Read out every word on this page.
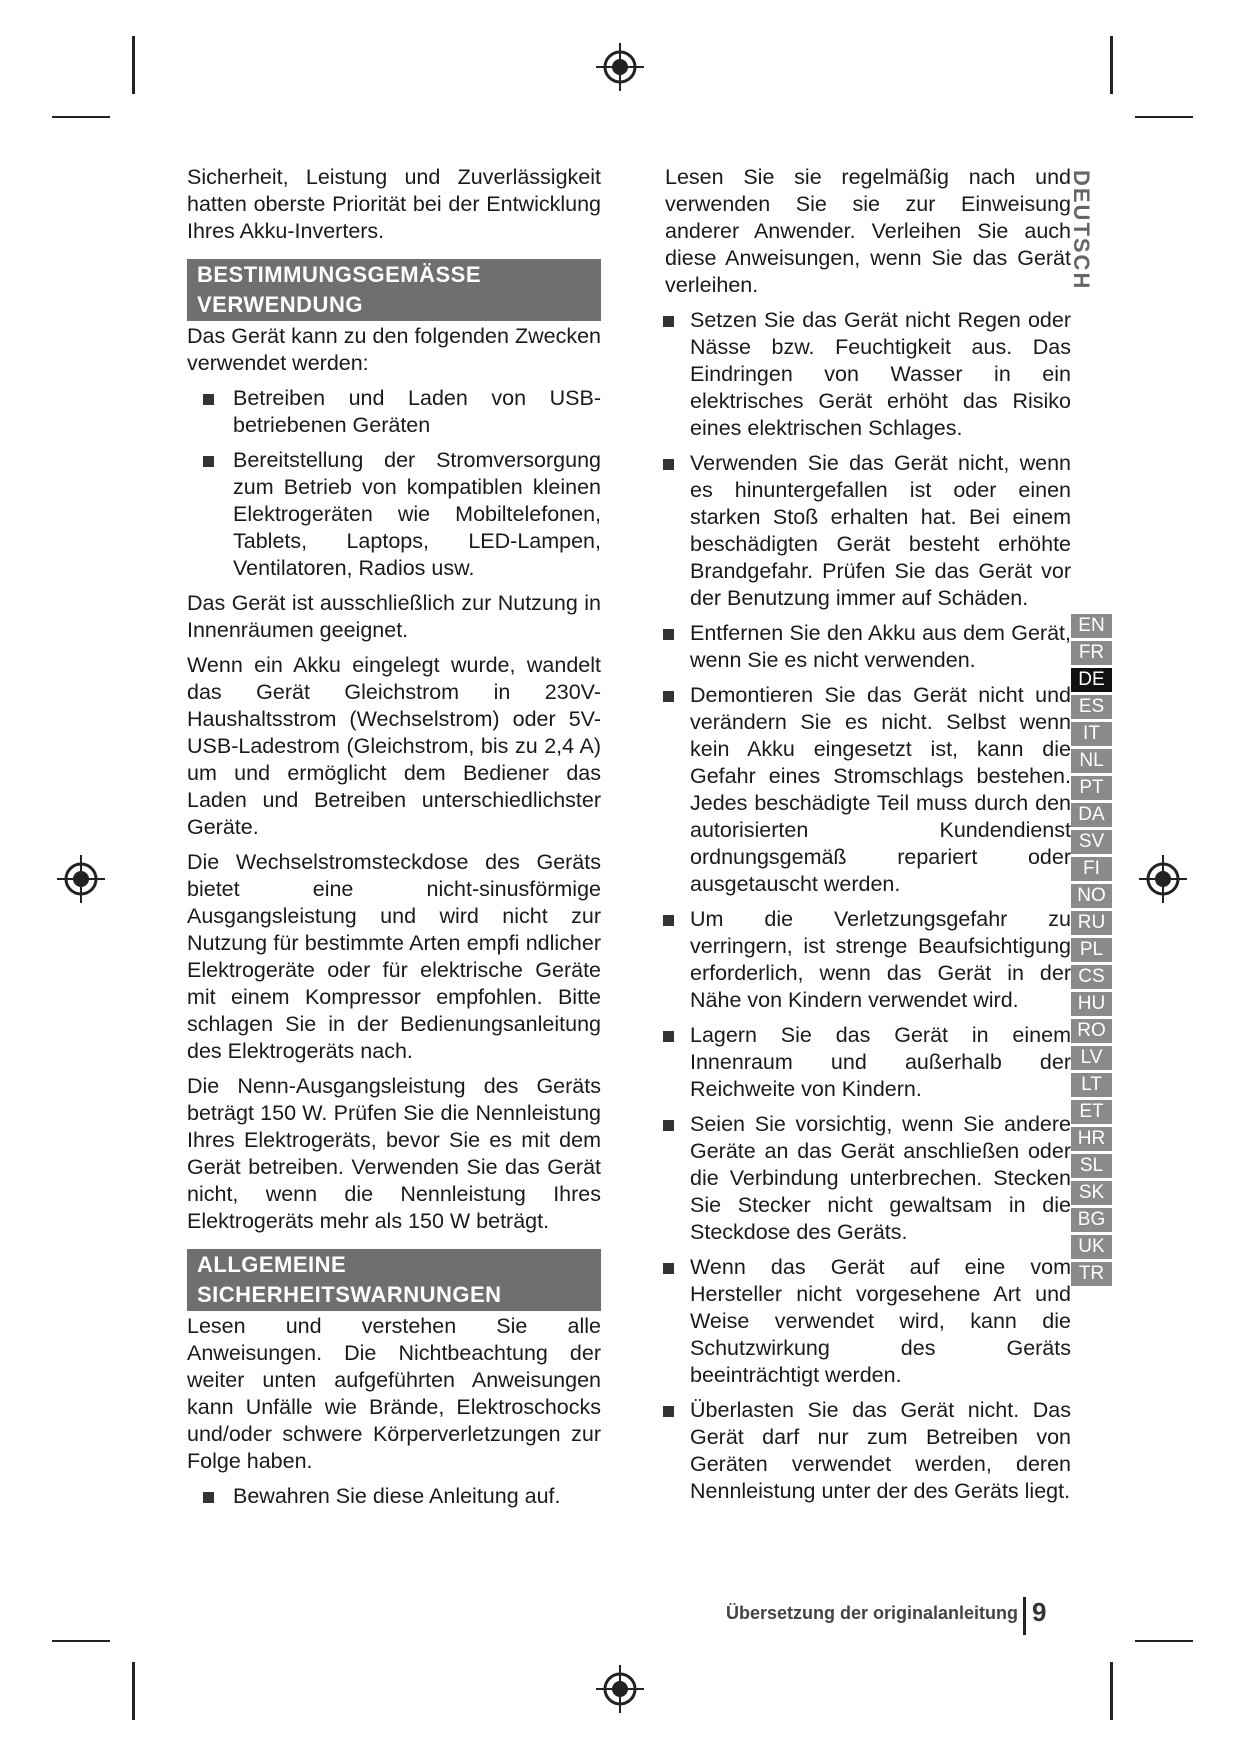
Sicherheit, Leistung und Zuverlässigkeit hatten oberste Priorität bei der Entwicklung Ihres Akku-Inverters.

BESTIMMUNGSGEMÄSSE VERWENDUNG

Das Gerät kann zu den folgenden Zwecken verwendet werden:

Betreiben und Laden von USB-betriebenen Geräten
Bereitstellung der Stromversorgung zum Betrieb von kompatiblen kleinen Elektrogeräten wie Mobiltelefonen, Tablets, Laptops, LED-Lampen, Ventilatoren, Radios usw.

Das Gerät ist ausschließlich zur Nutzung in Innenräumen geeignet.

Wenn ein Akku eingelegt wurde, wandelt das Gerät Gleichstrom in 230V-Haushaltsstrom (Wechselstrom) oder 5V-USB-Ladestrom (Gleichstrom, bis zu 2,4 A) um und ermöglicht dem Bediener das Laden und Betreiben unterschiedlichster Geräte.

Die Wechselstromsteckdose des Geräts bietet eine nicht-sinusförmige Ausgangsleistung und wird nicht zur Nutzung für bestimmte Arten empfi ndlicher Elektrogeräte oder für elektrische Geräte mit einem Kompressor empfohlen. Bitte schlagen Sie in der Bedienungsanleitung des Elektrogeräts nach.

Die Nenn-Ausgangsleistung des Geräts beträgt 150 W. Prüfen Sie die Nennleistung Ihres Elektrogeräts, bevor Sie es mit dem Gerät betreiben. Verwenden Sie das Gerät nicht, wenn die Nennleistung Ihres Elektrogeräts mehr als 150 W beträgt.

ALLGEMEINE SICHERHEITSWARNUNGEN

Lesen und verstehen Sie alle Anweisungen. Die Nichtbeachtung der weiter unten aufgeführten Anweisungen kann Unfälle wie Brände, Elektroschocks und/oder schwere Körperverletzungen zur Folge haben.

Bewahren Sie diese Anleitung auf.

Lesen Sie sie regelmäßig nach und verwenden Sie sie zur Einweisung anderer Anwender. Verleihen Sie auch diese Anweisungen, wenn Sie das Gerät verleihen.

Setzen Sie das Gerät nicht Regen oder Nässe bzw. Feuchtigkeit aus. Das Eindringen von Wasser in ein elektrisches Gerät erhöht das Risiko eines elektrischen Schlages.
Verwenden Sie das Gerät nicht, wenn es hinuntergefallen ist oder einen starken Stoß erhalten hat. Bei einem beschädigten Gerät besteht erhöhte Brandgefahr. Prüfen Sie das Gerät vor der Benutzung immer auf Schäden.
Entfernen Sie den Akku aus dem Gerät, wenn Sie es nicht verwenden.
Demontieren Sie das Gerät nicht und verändern Sie es nicht. Selbst wenn kein Akku eingesetzt ist, kann die Gefahr eines Stromschlags bestehen. Jedes beschädigte Teil muss durch den autorisierten Kundendienst ordnungsgemäß repariert oder ausgetauscht werden.
Um die Verletzungsgefahr zu verringern, ist strenge Beaufsichtigung erforderlich, wenn das Gerät in der Nähe von Kindern verwendet wird.
Lagern Sie das Gerät in einem Innenraum und außerhalb der Reichweite von Kindern.
Seien Sie vorsichtig, wenn Sie andere Geräte an das Gerät anschließen oder die Verbindung unterbrechen. Stecken Sie Stecker nicht gewaltsam in die Steckdose des Geräts.
Wenn das Gerät auf eine vom Hersteller nicht vorgesehene Art und Weise verwendet wird, kann die Schutzwirkung des Geräts beeinträchtigt werden.
Überlasten Sie das Gerät nicht. Das Gerät darf nur zum Betreiben von Geräten verwendet werden, deren Nennleistung unter der des Geräts liegt.
DEUTSCH
EN
FR
DE
ES
IT
NL
PT
DA
SV
FI
NO
RU
PL
CS
HU
RO
LV
LT
ET
HR
SL
SK
BG
UK
TR
Übersetzung der originalanleitung 9
